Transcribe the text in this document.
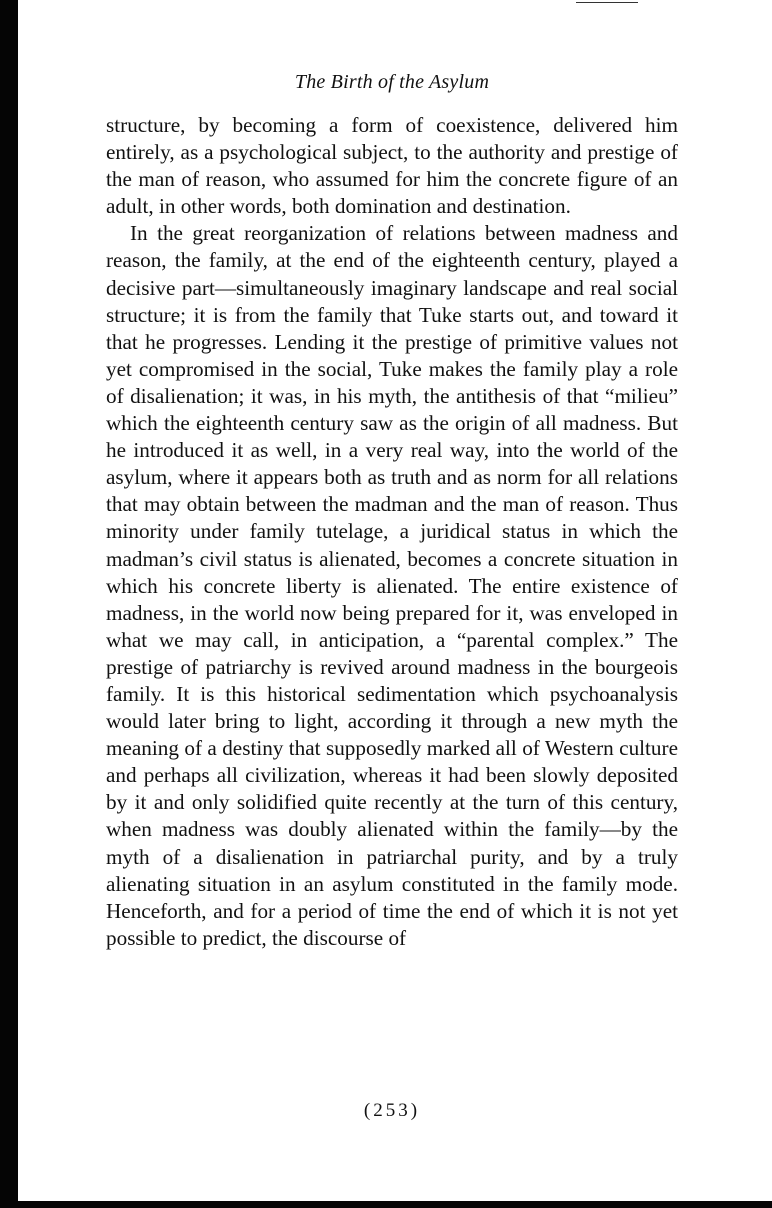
The Birth of the Asylum

structure, by becoming a form of coexistence, delivered him entirely, as a psychological subject, to the authority and prestige of the man of reason, who assumed for him the concrete figure of an adult, in other words, both domination and destination.

In the great reorganization of relations between madness and reason, the family, at the end of the eighteenth century, played a decisive part—simultaneously imaginary landscape and real social structure; it is from the family that Tuke starts out, and toward it that he progresses. Lending it the prestige of primitive values not yet compromised in the social, Tuke makes the family play a role of disalienation; it was, in his myth, the antithesis of that “milieu” which the eighteenth century saw as the origin of all madness. But he introduced it as well, in a very real way, into the world of the asylum, where it appears both as truth and as norm for all relations that may obtain between the madman and the man of reason. Thus minority under family tutelage, a juridical status in which the madman’s civil status is alienated, becomes a concrete situation in which his concrete liberty is alienated. The entire existence of madness, in the world now being prepared for it, was enveloped in what we may call, in anticipation, a “parental complex.” The prestige of patriarchy is revived around madness in the bourgeois family. It is this historical sedimentation which psychoanalysis would later bring to light, according it through a new myth the meaning of a destiny that supposedly marked all of Western culture and perhaps all civilization, whereas it had been slowly deposited by it and only solidified quite recently at the turn of this century, when madness was doubly alienated within the family—by the myth of a disalienation in patriarchal purity, and by a truly alienating situation in an asylum constituted in the family mode. Henceforth, and for a period of time the end of which it is not yet possible to predict, the discourse of

(253)
